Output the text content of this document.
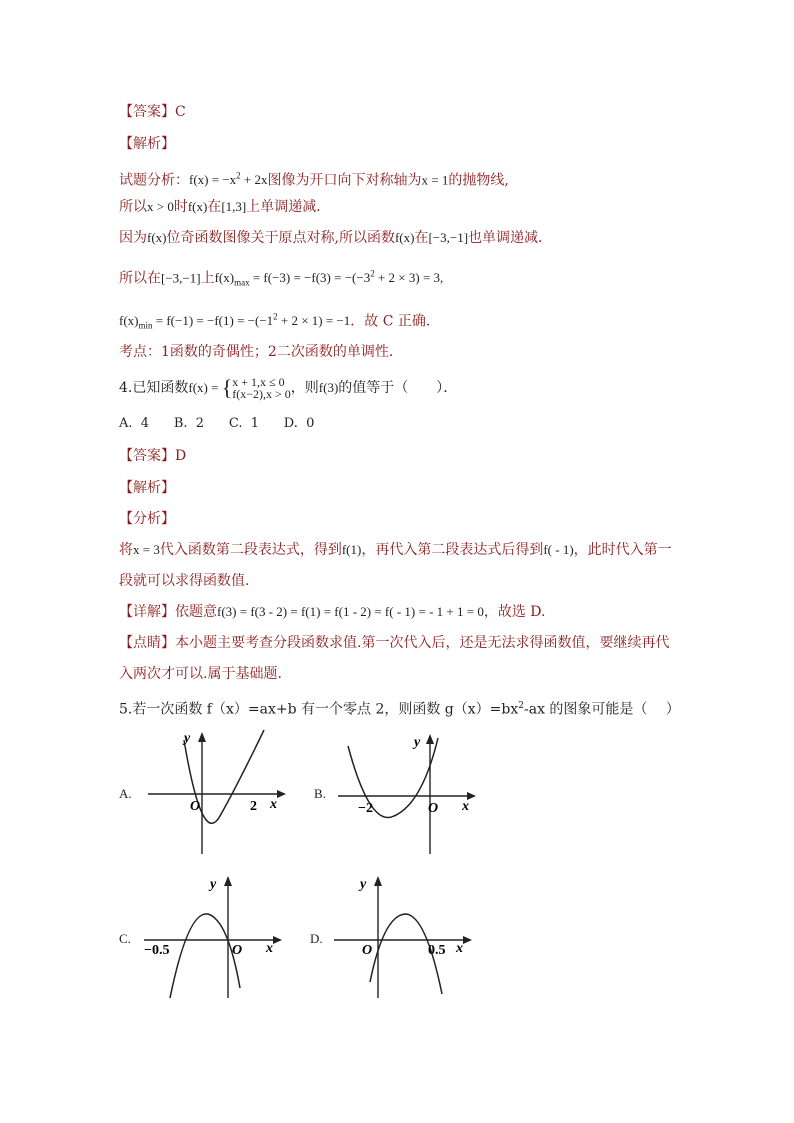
【答案】C
【解析】
试题分析：$f(x) = -x^2 + 2x$图像为开口向下对称轴为x = 1的抛物线,
所以x > 0时f(x)在[1,3]上单调递减．
因为f(x)位奇函数图像关于原点对称,所以函数f(x)在[−3,−1]也单调递减．
所以在[−3,−1]上$f(x)_{max} = f(-3) = -f(3) = -(-3^2 + 2 \times 3) = 3$,
$f(x)_{min} = f(-1) = -f(1) = -(-1^2 + 2 \times 1) = -1$．故 C 正确．
考点：1函数的奇偶性；2二次函数的单调性．
4.已知函数f(x) = {x + 1,x ≤ 0
f(x−2),x > 0，则f(3)的值等于（　　）．
A.  4      B.  2      C.  1      D.  0
【答案】D
【解析】
【分析】
将x = 3代入函数第二段表达式，得到f(1)，再代入第二段表达式后得到f( - 1)，此时代入第一
段就可以求得函数值.
【详解】依题意f(3) = f(3 - 2) = f(1) = f(1 - 2) = f( - 1) = - 1 + 1 = 0，故选 D.
【点睛】本小题主要考查分段函数求值.第一次代入后，还是无法求得函数值，要继续再代
入两次才可以.属于基础题.
5.若一次函数 f（x）=ax+b 有一个零点 2，则函数 $g(x)=bx^2-ax$ 的图象可能是（　 ）
A.	B.
C.	D.
y
x
O	2
y
x
O
−2
y
x
O
−0.5
y
x
O	0.5
